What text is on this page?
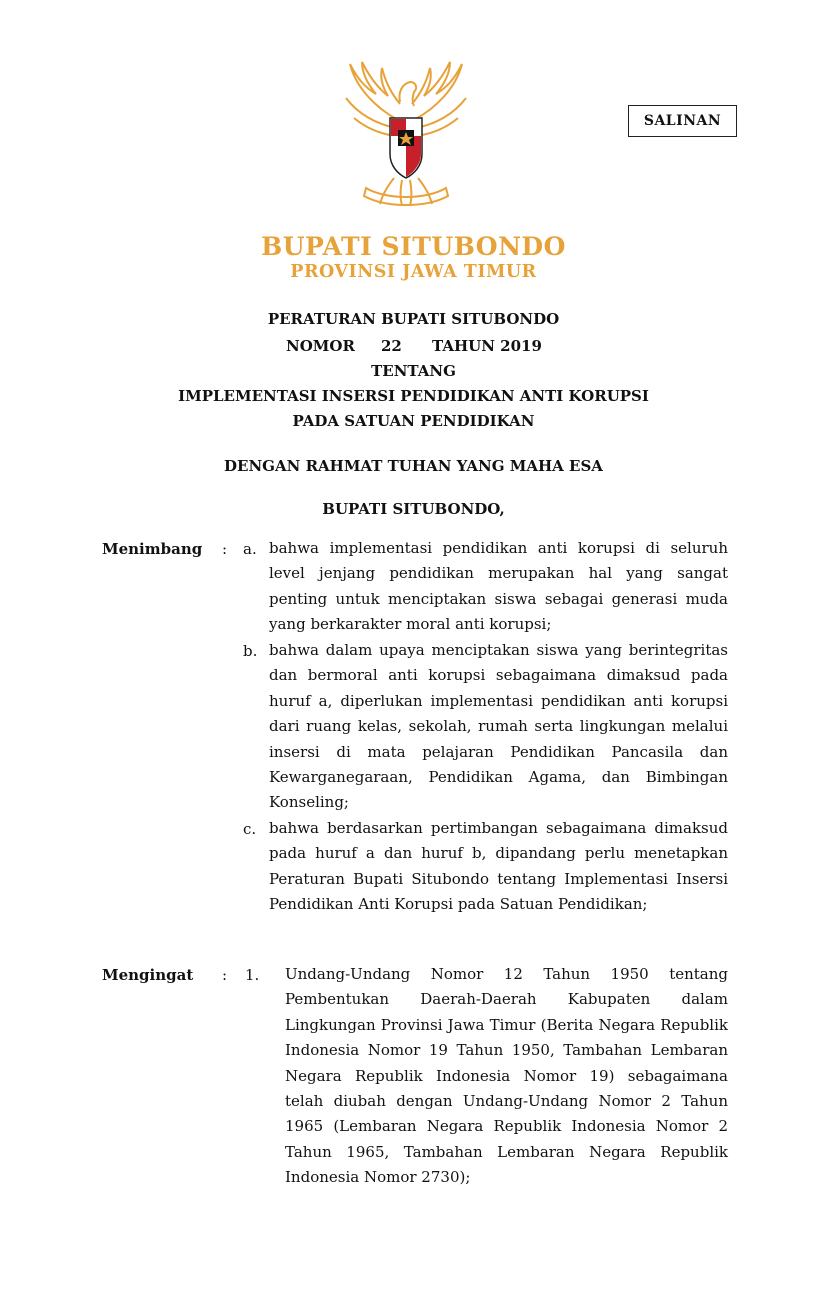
SALINAN
BUPATI SITUBONDO
PROVINSI JAWA TIMUR
PERATURAN BUPATI SITUBONDO
NOMOR 22 TAHUN 2019
TENTANG
IMPLEMENTASI INSERSI PENDIDIKAN ANTI KORUPSI
PADA SATUAN PENDIDIKAN
DENGAN RAHMAT TUHAN YANG MAHA ESA
BUPATI SITUBONDO,
Menimbang : a. bahwa implementasi pendidikan anti korupsi di seluruh level jenjang pendidikan merupakan hal yang sangat penting untuk menciptakan siswa sebagai generasi muda yang berkarakter moral anti korupsi;
b. bahwa dalam upaya menciptakan siswa yang berintegritas dan bermoral anti korupsi sebagaimana dimaksud pada huruf a, diperlukan implementasi pendidikan anti korupsi dari ruang kelas, sekolah, rumah serta lingkungan melalui insersi di mata pelajaran Pendidikan Pancasila dan Kewarganegaraan, Pendidikan Agama, dan Bimbingan Konseling;
c. bahwa berdasarkan pertimbangan sebagaimana dimaksud pada huruf a dan huruf b, dipandang perlu menetapkan Peraturan Bupati Situbondo tentang Implementasi Insersi Pendidikan Anti Korupsi pada Satuan Pendidikan;
Mengingat : 1. Undang-Undang Nomor 12 Tahun 1950 tentang Pembentukan Daerah-Daerah Kabupaten dalam Lingkungan Provinsi Jawa Timur (Berita Negara Republik Indonesia Nomor 19 Tahun 1950, Tambahan Lembaran Negara Republik Indonesia Nomor 19) sebagaimana telah diubah dengan Undang-Undang Nomor 2 Tahun 1965 (Lembaran Negara Republik Indonesia Nomor 2 Tahun 1965, Tambahan Lembaran Negara Republik Indonesia Nomor 2730);
